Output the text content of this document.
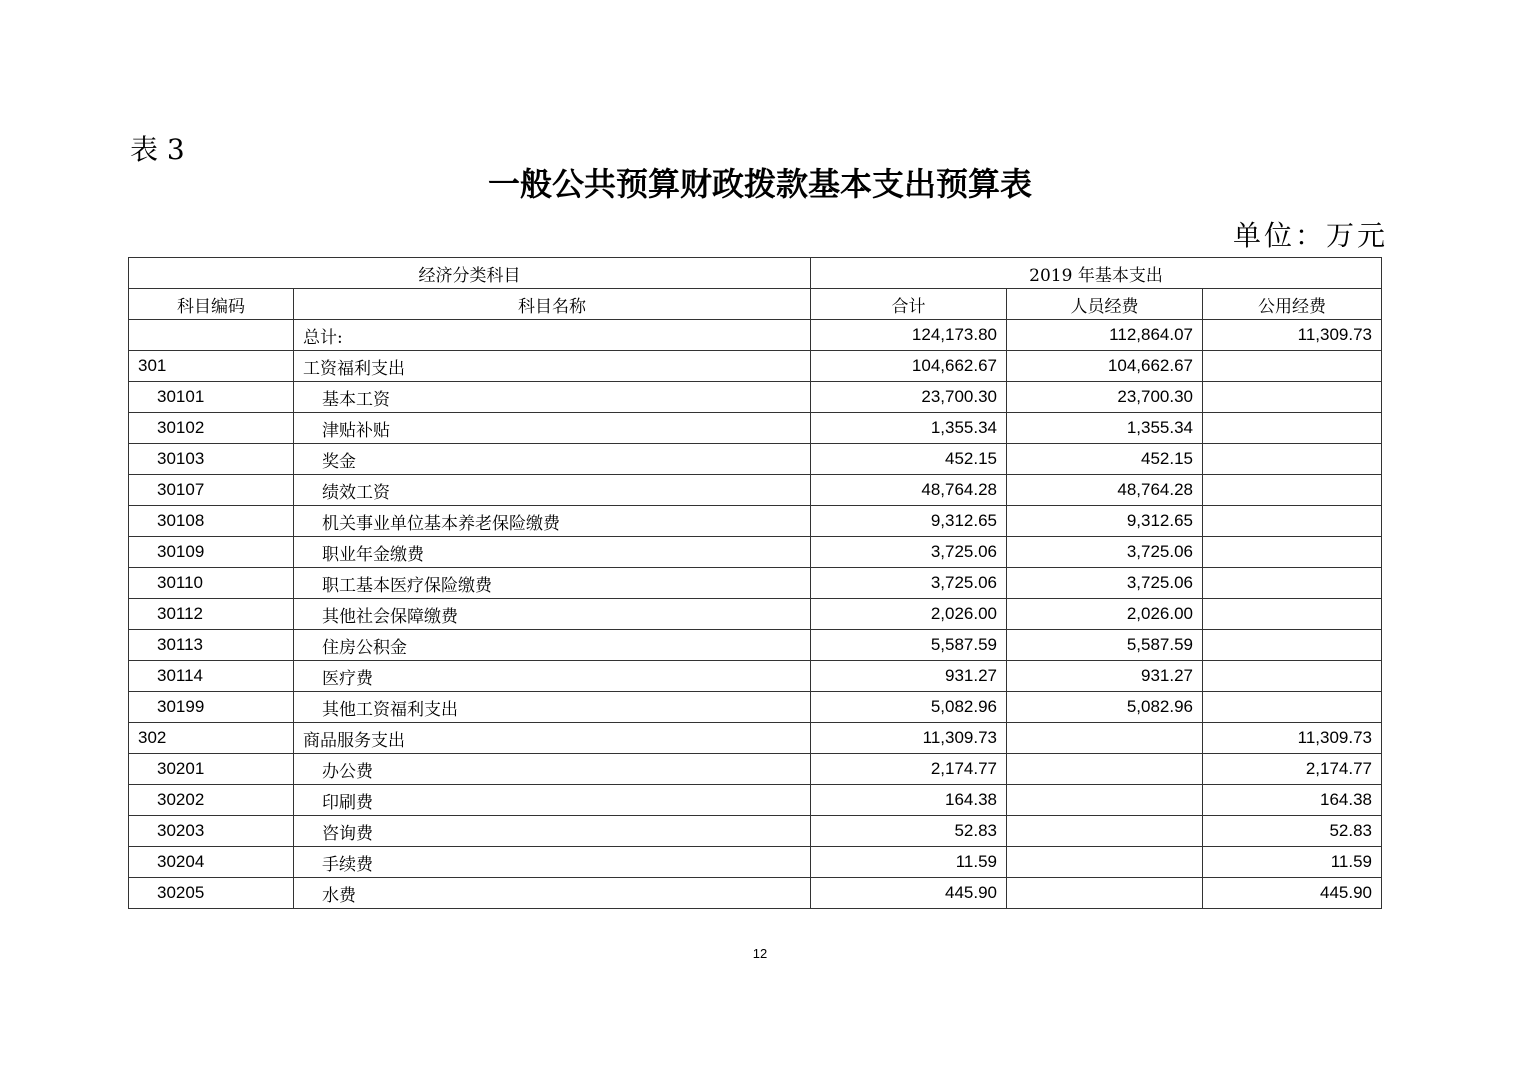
表 3
一般公共预算财政拨款基本支出预算表
单位：万元
经济分类科目		2019 年基本支出		
科目编码	科目名称	合计	人员经费	公用经费
	总计:	124,173.80	112,864.07	11,309.73
301	工资福利支出	104,662.67	104,662.67	
30101	基本工资	23,700.30	23,700.30	
30102	津贴补贴	1,355.34	1,355.34	
30103	奖金	452.15	452.15	
30107	绩效工资	48,764.28	48,764.28	
30108	机关事业单位基本养老保险缴费	9,312.65	9,312.65	
30109	职业年金缴费	3,725.06	3,725.06	
30110	职工基本医疗保险缴费	3,725.06	3,725.06	
30112	其他社会保障缴费	2,026.00	2,026.00	
30113	住房公积金	5,587.59	5,587.59	
30114	医疗费	931.27	931.27	
30199	其他工资福利支出	5,082.96	5,082.96	
302	商品服务支出	11,309.73		11,309.73
30201	办公费	2,174.77		2,174.77
30202	印刷费	164.38		164.38
30203	咨询费	52.83		52.83
30204	手续费	11.59		11.59
30205	水费	445.90		445.90
12
